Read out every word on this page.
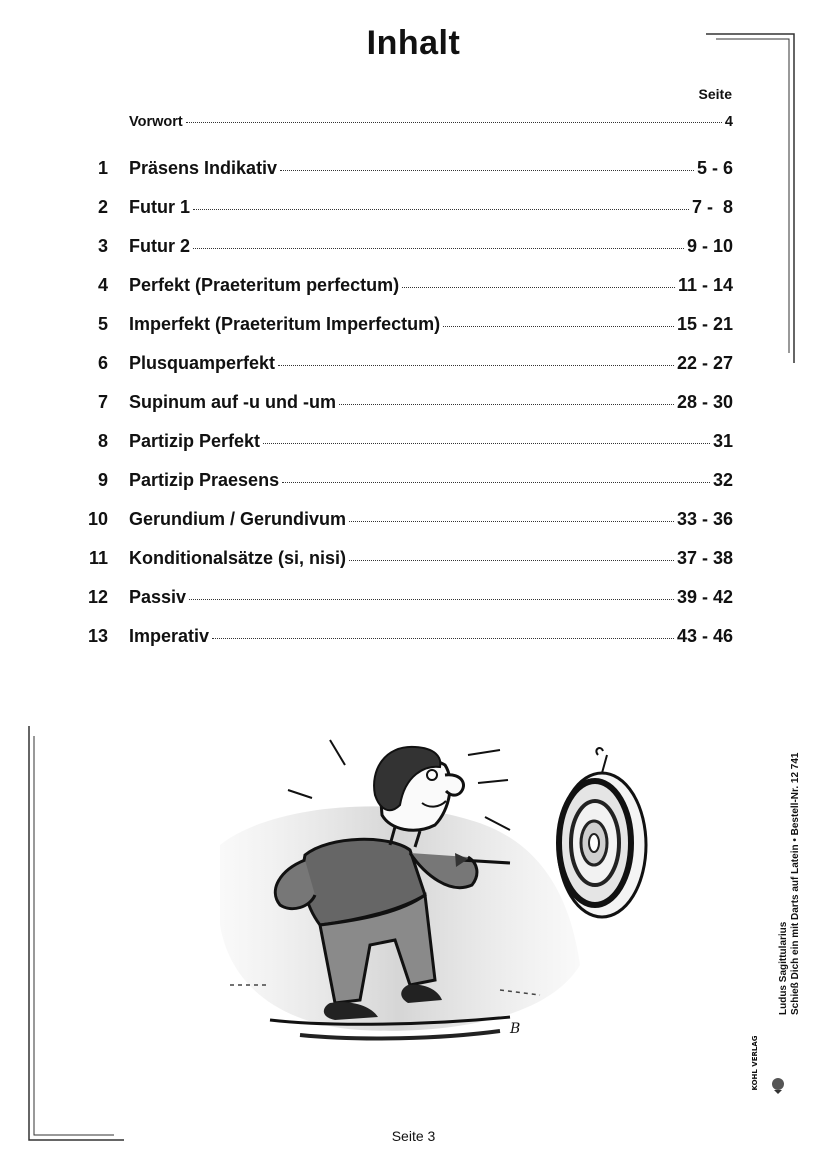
Inhalt
Seite
Vorwort	4
1	Präsens Indikativ	5 - 6
2	Futur 1	7 -  8
3	Futur 2	9 - 10
4	Perfekt (Praeteritum perfectum)	11 - 14
5	Imperfekt (Praeteritum Imperfectum)	15 - 21
6	Plusquamperfekt	22 - 27
7	Supinum auf -u und -um	28 - 30
8	Partizip Perfekt	31
9	Partizip Praesens	32
10	Gerundium / Gerundivum	33 - 36
11	Konditionalsätze (si, nisi)	37 - 38
12	Passiv	39 - 42
13	Imperativ	43 - 46
B
Ludus Sagittularius Schieß Dich ein mit Darts auf Latein • Bestell-Nr. 12 741
KOHL VERLAG
Seite 3
